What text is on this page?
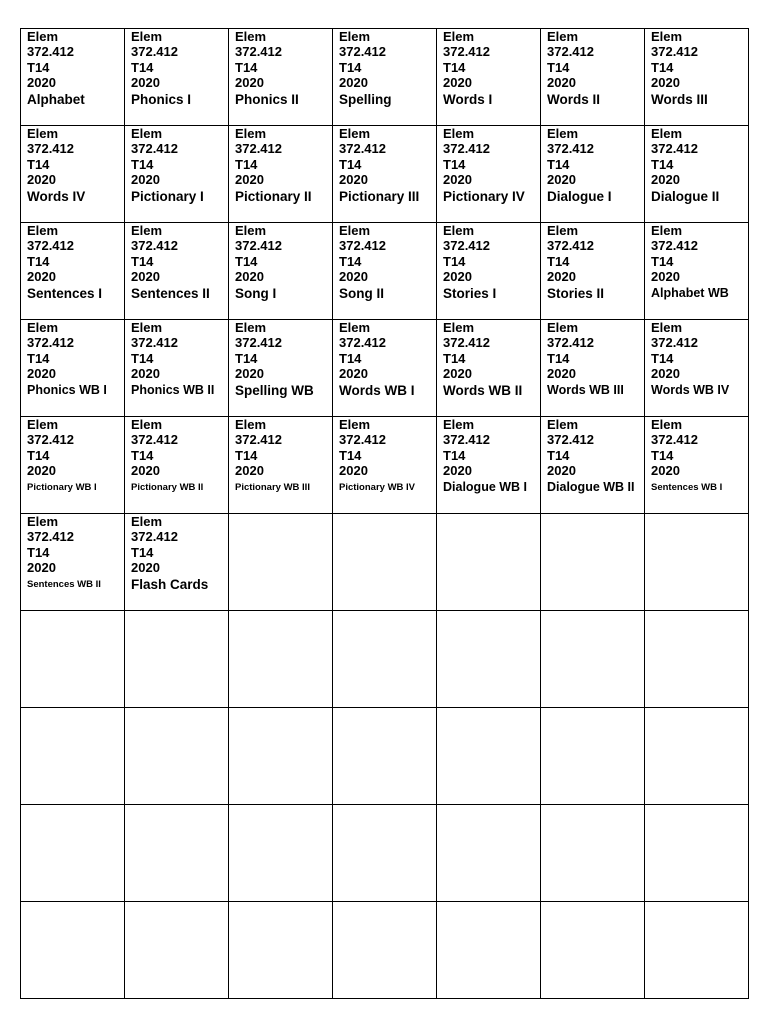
Elem
372.412
T14
2020
Alphabet	Elem
372.412
T14
2020
Phonics I	Elem
372.412
T14
2020
Phonics II	Elem
372.412
T14
2020
Spelling	Elem
372.412
T14
2020
Words I	Elem
372.412
T14
2020
Words II	Elem
372.412
T14
2020
Words III

Elem
372.412
T14
2020
Words IV	Elem
372.412
T14
2020
Pictionary I	Elem
372.412
T14
2020
Pictionary II	Elem
372.412
T14
2020
Pictionary III	Elem
372.412
T14
2020
Pictionary IV	Elem
372.412
T14
2020
Dialogue I	Elem
372.412
T14
2020
Dialogue II

Elem
372.412
T14
2020
Sentences I	Elem
372.412
T14
2020
Sentences II	Elem
372.412
T14
2020
Song I	Elem
372.412
T14
2020
Song II	Elem
372.412
T14
2020
Stories I	Elem
372.412
T14
2020
Stories II	Elem
372.412
T14
2020
Alphabet WB

Elem
372.412
T14
2020
Phonics WB I	Elem
372.412
T14
2020
Phonics WB II	Elem
372.412
T14
2020
Spelling WB	Elem
372.412
T14
2020
Words WB I	Elem
372.412
T14
2020
Words WB II	Elem
372.412
T14
2020
Words WB III	Elem
372.412
T14
2020
Words WB IV

Elem
372.412
T14
2020
Pictionary WB I	Elem
372.412
T14
2020
Pictionary WB II	Elem
372.412
T14
2020
Pictionary WB III	Elem
372.412
T14
2020
Pictionary WB IV	Elem
372.412
T14
2020
Dialogue WB I	Elem
372.412
T14
2020
Dialogue WB II	Elem
372.412
T14
2020
Sentences WB I

Elem
372.412
T14
2020
Sentences WB II	Elem
372.412
T14
2020
Flash Cards					
